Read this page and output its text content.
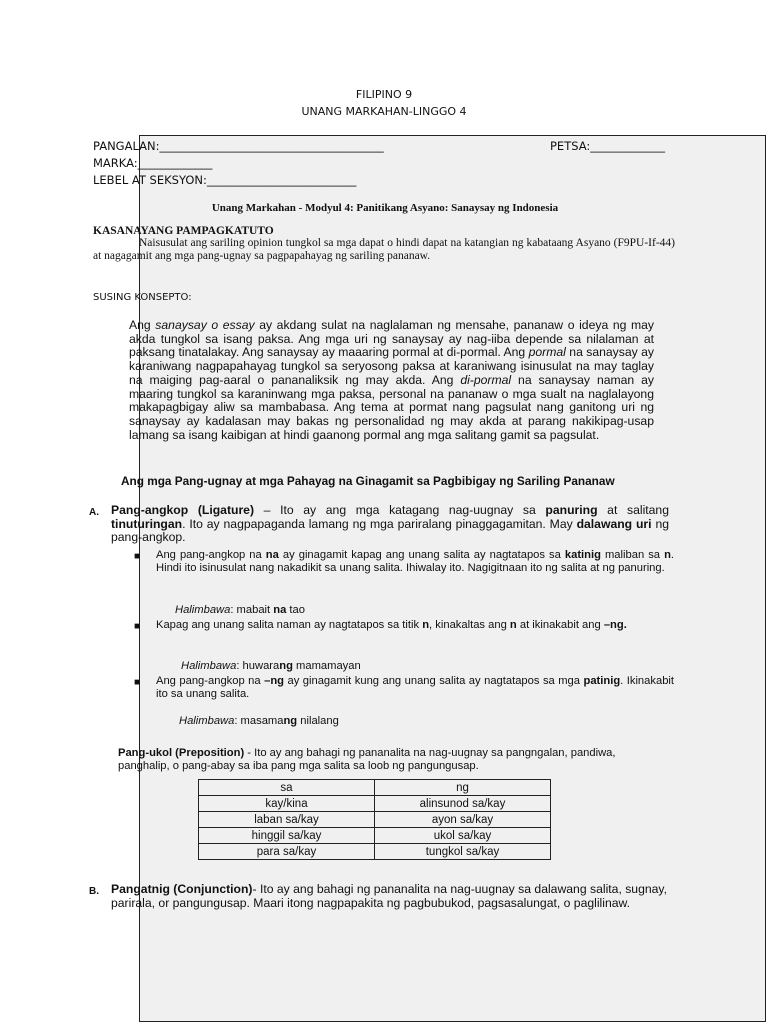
FILIPINO 9
UNANG MARKAHAN-LINGGO 4
PANGALAN:_______________________________________	PETSA:_____________
MARKA:_____________
LEBEL AT SEKSYON:__________________________
Unang Markahan - Modyul 4: Panitikang Asyano: Sanaysay ng Indonesia
KASANAYANG PAMPAGKATUTO
Naisusulat ang sariling opinion tungkol sa mga dapat o hindi dapat na katangian ng kabataang Asyano (F9PU-If-44) at nagagamit ang mga pang-ugnay sa pagpapahayag ng sariling pananaw.
SUSING KONSEPTO:
Ang sanaysay o essay ay akdang sulat na naglalaman ng mensahe, pananaw o ideya ng may akda tungkol sa isang paksa. Ang mga uri ng sanaysay ay nag-iiba depende sa nilalaman at paksang tinatalakay. Ang sanaysay ay maaaring pormal at di-pormal. Ang pormal na sanaysay ay karaniwang nagpapahayag tungkol sa seryosong paksa at karaniwang isinusulat na may taglay na maiging pag-aaral o pananaliksik ng may akda. Ang di-pormal na sanaysay naman ay maaring tungkol sa karaninwang mga paksa, personal na pananaw o mga sualt na naglalayong makapagbigay aliw sa mambabasa. Ang tema at pormat nang pagsulat nang ganitong uri ng sanaysay ay kadalasan may bakas ng personalidad ng may akda at parang nakikipag-usap lamang sa isang kaibigan at hindi gaanong pormal ang mga salitang gamit sa pagsulat.
Ang mga Pang-ugnay at mga Pahayag na Ginagamit sa Pagbibigay ng Sariling Pananaw
A. Pang-angkop (Ligature) – Ito ay ang mga katagang nag-uugnay sa panuring at salitang tinuturingan. Ito ay nagpapaganda lamang ng mga pariralang pinaggagamitan. May dalawang uri ng pang-angkop.
■ Ang pang-angkop na na ay ginagamit kapag ang unang salita ay nagtatapos sa katinig maliban sa n. Hindi ito isinusulat nang nakadikit sa unang salita. Ihiwalay ito. Nagigitnaan ito ng salita at ng panuring.
Halimbawa: mabait na tao
■ Kapag ang unang salita naman ay nagtatapos sa titik n, kinakaltas ang n at ikinakabit ang –ng.
Halimbawa: huwarang mamamayan
■ Ang pang-angkop na –ng ay ginagamit kung ang unang salita ay nagtatapos sa mga patinig. Ikinakabit ito sa unang salita.
Halimbawa: masamang nilalang
Pang-ukol (Preposition) - Ito ay ang bahagi ng pananalita na nag-uugnay sa pangngalan, pandiwa, panghalip, o pang-abay sa iba pang mga salita sa loob ng pangungusap.
sa	ng
kay/kina	alinsunod sa/kay
laban sa/kay	ayon sa/kay
hinggil sa/kay	ukol sa/kay
para sa/kay	tungkol sa/kay
B. Pangatnig (Conjunction)- Ito ay ang bahagi ng pananalita na nag-uugnay sa dalawang salita, sugnay, parirala, or pangungusap. Maari itong nagpapakita ng pagbubukod, pagsasalungat, o paglilinaw.
